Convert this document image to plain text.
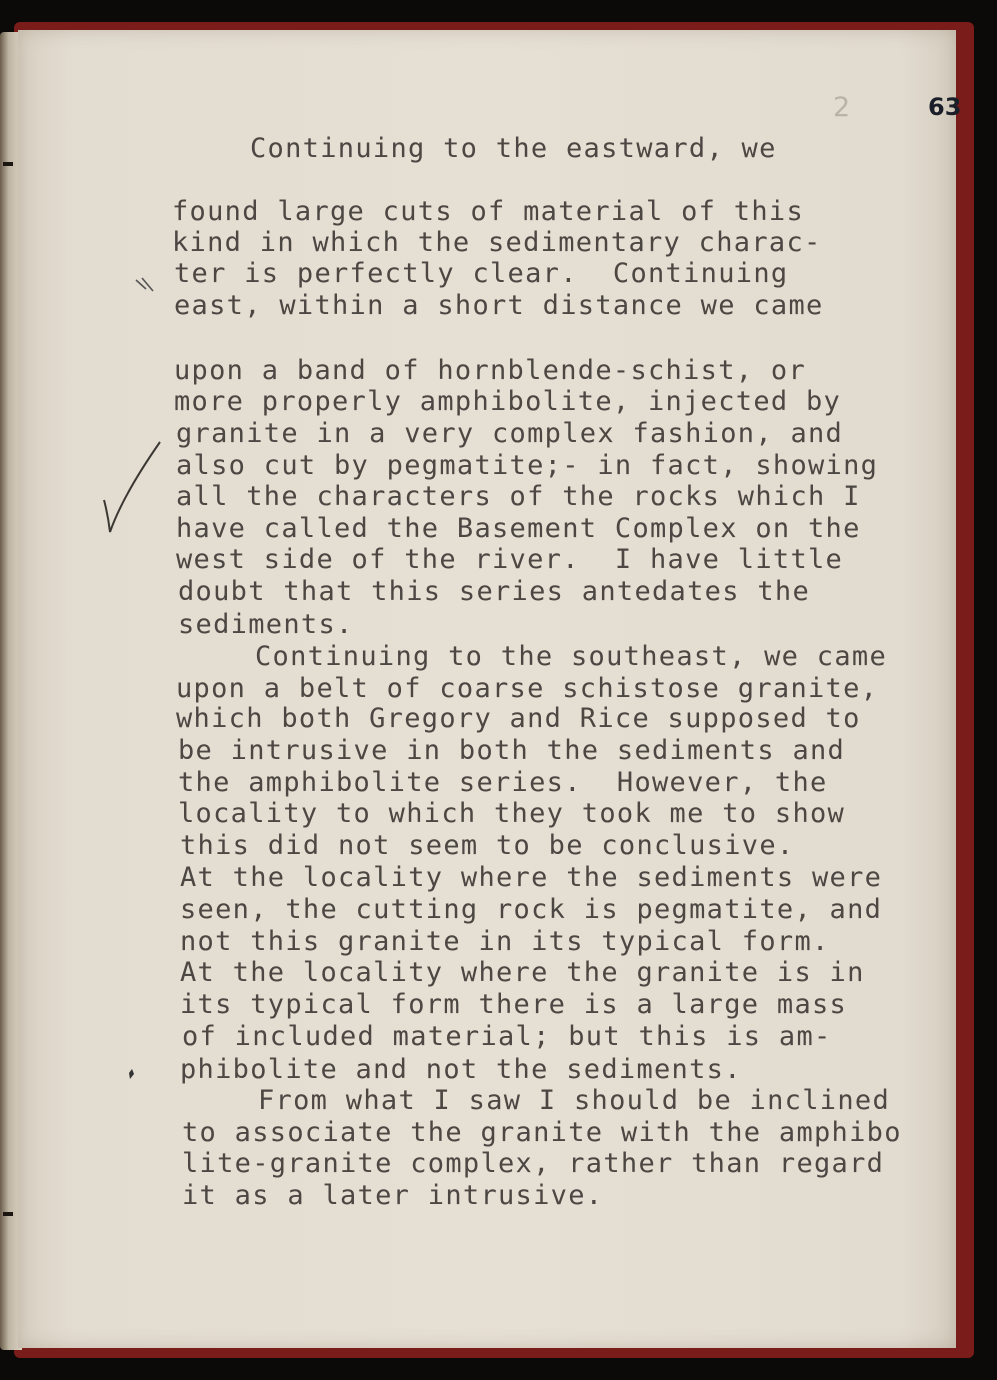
2	63

Continuing to the eastward, we

found large cuts of material of this

kind in which the sedimentary charac-

ter is perfectly clear.  Continuing

east, within a short distance we came

upon a band of hornblende-schist, or

more properly amphibolite, injected by

granite in a very complex fashion, and

also cut by pegmatite;- in fact, showing

all the characters of the rocks which I

have called the Basement Complex on the

west side of the river.  I have little

doubt that this series antedates the

sediments.

Continuing to the southeast, we came

upon a belt of coarse schistose granite,

which both Gregory and Rice supposed to

be intrusive in both the sediments and

the amphibolite series.  However, the

locality to which they took me to show

this did not seem to be conclusive.

At the locality where the sediments were

seen, the cutting rock is pegmatite, and

not this granite in its typical form.

At the locality where the granite is in

its typical form there is a large mass

of included material; but this is am-

phibolite and not the sediments.

From what I saw I should be inclined

to associate the granite with the amphibo

lite-granite complex, rather than regard

it as a later intrusive.
